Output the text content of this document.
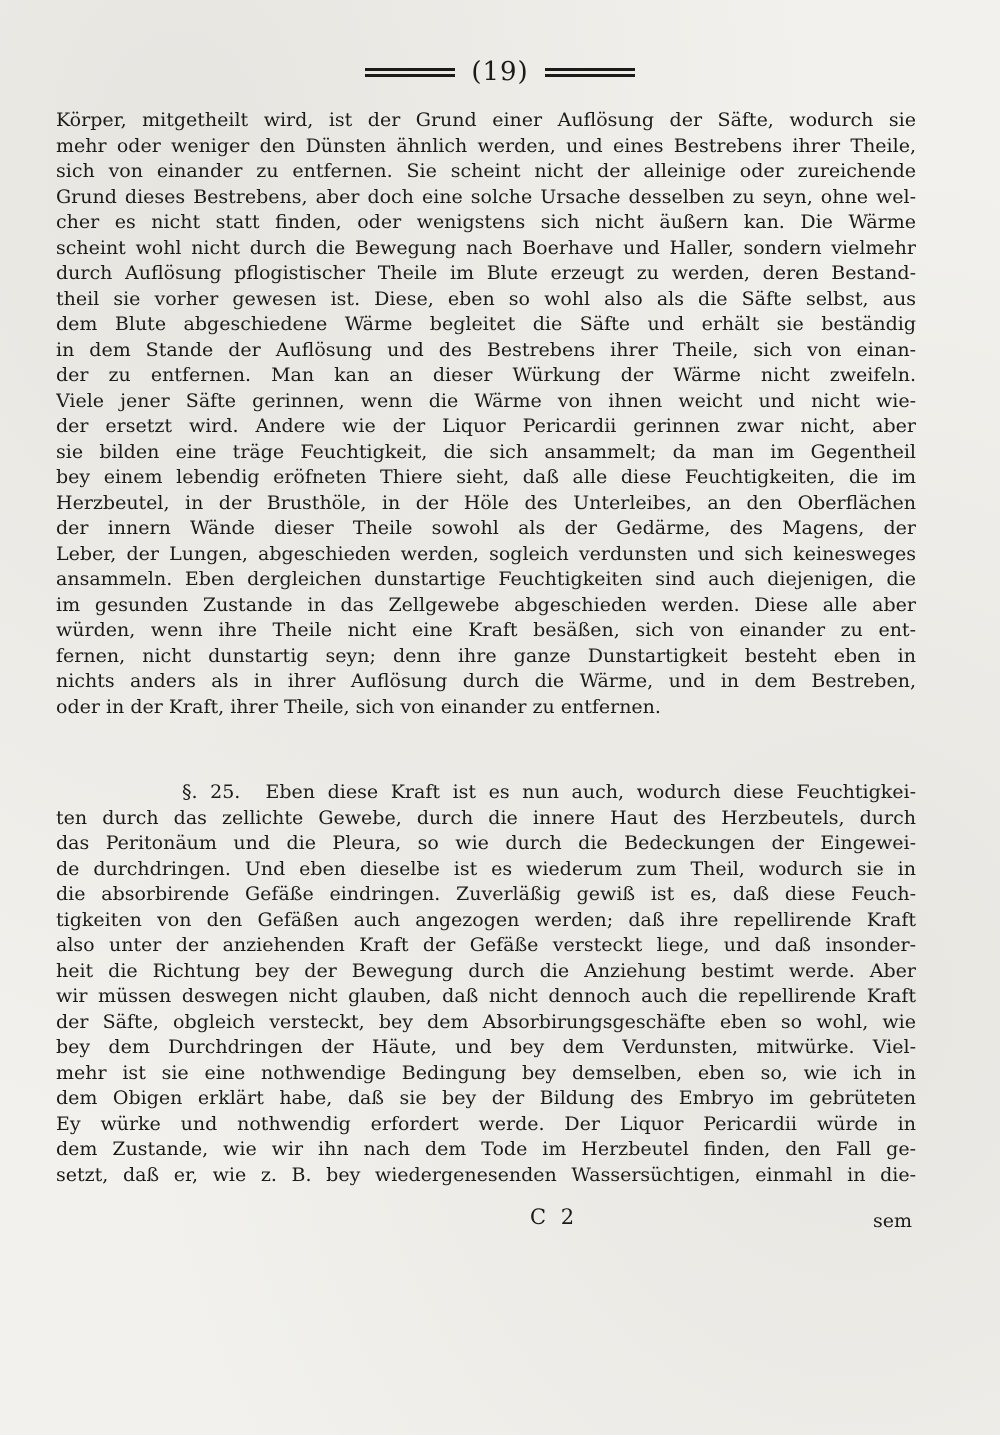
(19)
Körper, mitgetheilt wird, ist der Grund einer Auflösung der Säfte, wodurch sie
mehr oder weniger den Dünsten ähnlich werden, und eines Bestrebens ihrer Theile,
sich von einander zu entfernen. Sie scheint nicht der alleinige oder zureichende
Grund dieses Bestrebens, aber doch eine solche Ursache desselben zu seyn, ohne wel-
cher es nicht statt finden, oder wenigstens sich nicht äußern kan. Die Wärme
scheint wohl nicht durch die Bewegung nach Boerhave und Haller, sondern vielmehr
durch Auflösung pflogistischer Theile im Blute erzeugt zu werden, deren Bestand-
theil sie vorher gewesen ist. Diese, eben so wohl also als die Säfte selbst, aus
dem Blute abgeschiedene Wärme begleitet die Säfte und erhält sie beständig
in dem Stande der Auflösung und des Bestrebens ihrer Theile, sich von einan-
der zu entfernen. Man kan an dieser Würkung der Wärme nicht zweifeln.
Viele jener Säfte gerinnen, wenn die Wärme von ihnen weicht und nicht wie-
der ersetzt wird. Andere wie der Liquor Pericardii gerinnen zwar nicht, aber
sie bilden eine träge Feuchtigkeit, die sich ansammelt; da man im Gegentheil
bey einem lebendig eröfneten Thiere sieht, daß alle diese Feuchtigkeiten, die im
Herzbeutel, in der Brusthöle, in der Höle des Unterleibes, an den Oberflächen
der innern Wände dieser Theile sowohl als der Gedärme, des Magens, der
Leber, der Lungen, abgeschieden werden, sogleich verdunsten und sich keinesweges
ansammeln. Eben dergleichen dunstartige Feuchtigkeiten sind auch diejenigen, die
im gesunden Zustande in das Zellgewebe abgeschieden werden. Diese alle aber
würden, wenn ihre Theile nicht eine Kraft besäßen, sich von einander zu ent-
fernen, nicht dunstartig seyn; denn ihre ganze Dunstartigkeit besteht eben in
nichts anders als in ihrer Auflösung durch die Wärme, und in dem Bestreben,
oder in der Kraft, ihrer Theile, sich von einander zu entfernen.
§. 25.  Eben diese Kraft ist es nun auch, wodurch diese Feuchtigkei-
ten durch das zellichte Gewebe, durch die innere Haut des Herzbeutels, durch
das Peritonäum und die Pleura, so wie durch die Bedeckungen der Eingewei-
de durchdringen. Und eben dieselbe ist es wiederum zum Theil, wodurch sie in
die absorbirende Gefäße eindringen. Zuverläßig gewiß ist es, daß diese Feuch-
tigkeiten von den Gefäßen auch angezogen werden; daß ihre repellirende Kraft
also unter der anziehenden Kraft der Gefäße versteckt liege, und daß insonder-
heit die Richtung bey der Bewegung durch die Anziehung bestimt werde. Aber
wir müssen deswegen nicht glauben, daß nicht dennoch auch die repellirende Kraft
der Säfte, obgleich versteckt, bey dem Absorbirungsgeschäfte eben so wohl, wie
bey dem Durchdringen der Häute, und bey dem Verdunsten, mitwürke. Viel-
mehr ist sie eine nothwendige Bedingung bey demselben, eben so, wie ich in
dem Obigen erklärt habe, daß sie bey der Bildung des Embryo im gebrüteten
Ey würke und nothwendig erfordert werde. Der Liquor Pericardii würde in
dem Zustande, wie wir ihn nach dem Tode im Herzbeutel finden, den Fall ge-
setzt, daß er, wie z. B. bey wiedergenesenden Wassersüchtigen, einmahl in die-
C 2	sem
